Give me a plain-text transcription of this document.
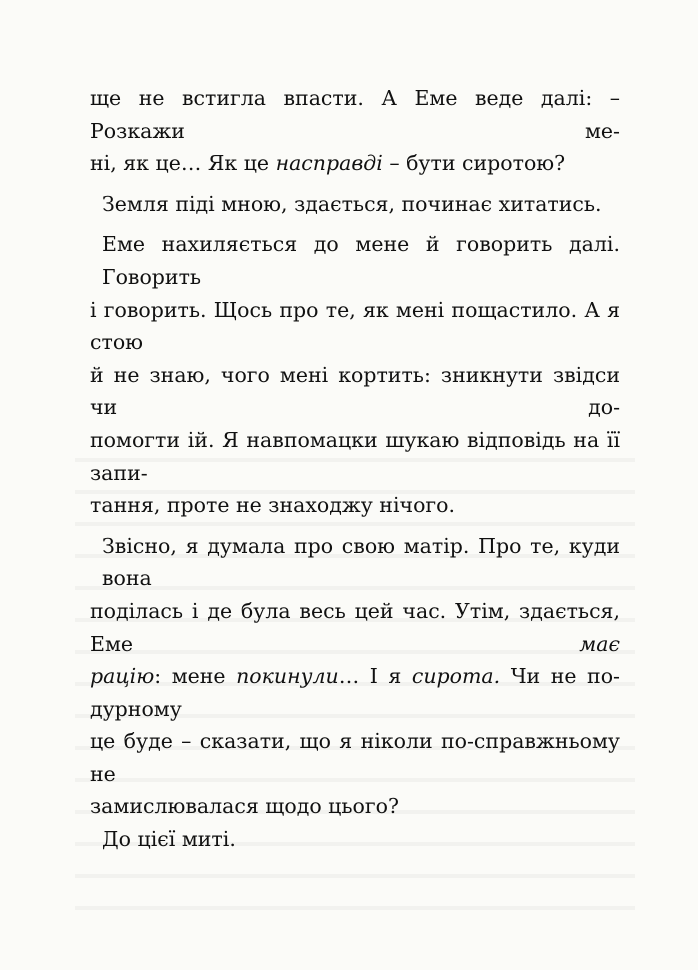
ще не встигла впасти. А Еме веде далі: – Розкажи ме-
ні, як це… Як це насправді – бути сиротою?
Земля піді мною, здається, починає хитатись.
Еме нахиляється до мене й говорить далі. Говорить
і говорить. Щось про те, як мені пощастило. А я стою
й не знаю, чого мені кортить: зникнути звідси чи до-
помогти ій. Я навпомацки шукаю відповідь на її запи-
тання, проте не знаходжу нічого.
Звісно, я думала про свою матір. Про те, куди вона
поділась і де була весь цей час. Утім, здається, Еме має
рацію: мене покинули… І я сирота. Чи не по-дурному
це буде – сказати, що я ніколи по-справжньому не
замислювалася щодо цього?
До цієї миті.
